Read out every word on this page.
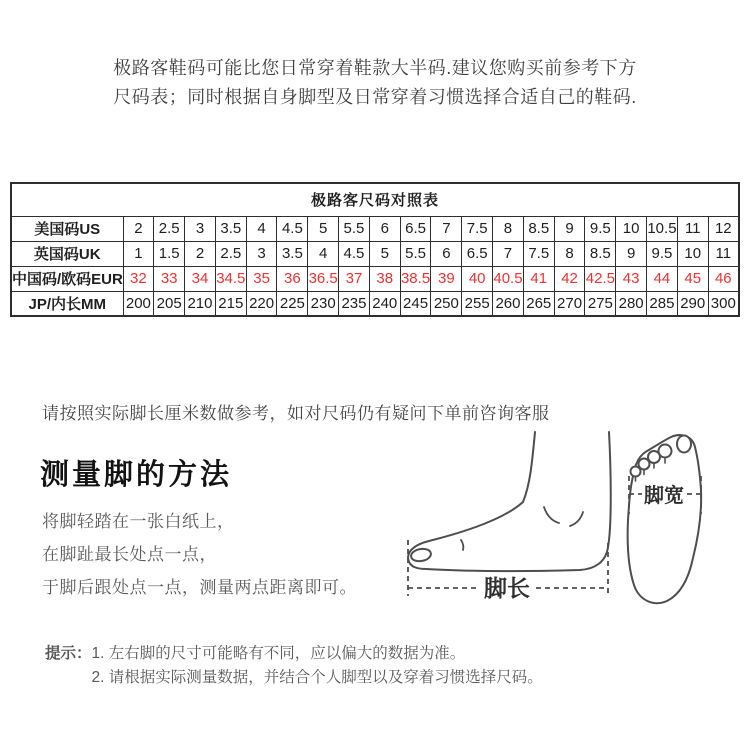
极路客鞋码可能比您日常穿着鞋款大半码.建议您购买前参考下方
尺码表；同时根据自身脚型及日常穿着习惯选择合适自己的鞋码.
极路客尺码对照表																				
美国码US	2	2.5	3	3.5	4	4.5	5	5.5	6	6.5	7	7.5	8	8.5	9	9.5	10	10.5	11	12
英国码UK	1	1.5	2	2.5	3	3.5	4	4.5	5	5.5	6	6.5	7	7.5	8	8.5	9	9.5	10	11
中国码/欧码EUR	32	33	34	34.5	35	36	36.5	37	38	38.5	39	40	40.5	41	42	42.5	43	44	45	46
JP/内长MM	200	205	210	215	220	225	230	235	240	245	250	255	260	265	270	275	280	285	290	300
请按照实际脚长厘米数做参考，如对尺码仍有疑问下单前咨询客服
测量脚的方法
将脚轻踏在一张白纸上，
在脚趾最长处点一点，
于脚后跟处点一点，测量两点距离即可。	脚长
脚宽
提示： 1. 左右脚的尺寸可能略有不同，应以偏大的数据为准。
2. 请根据实际测量数据，并结合个人脚型以及穿着习惯选择尺码。
